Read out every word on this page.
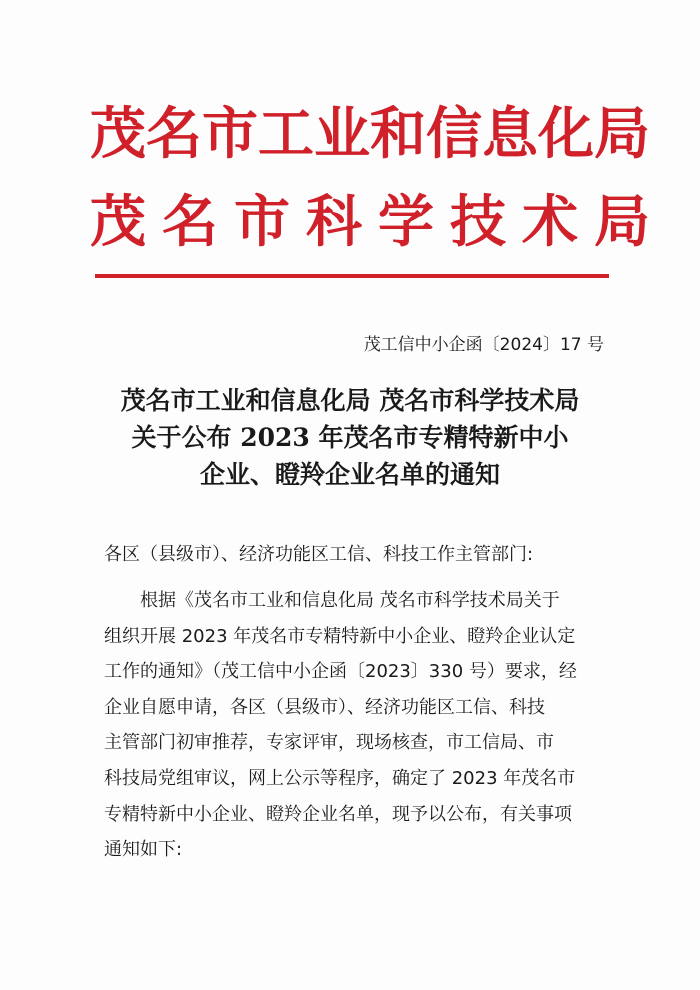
茂名市工业和信息化局
茂名市科学技术局
茂工信中小企函〔2024〕17 号
茂名市工业和信息化局 茂名市科学技术局
关于公布 2023 年茂名市专精特新中小
企业、瞪羚企业名单的通知
各区（县级市）、经济功能区工信、科技工作主管部门:
根据《茂名市工业和信息化局 茂名市科学技术局关于
组织开展 2023 年茂名市专精特新中小企业、瞪羚企业认定
工作的通知》（茂工信中小企函〔2023〕330 号）要求，经
企业自愿申请，各区（县级市）、经济功能区工信、科技
主管部门初审推荐，专家评审，现场核查，市工信局、市
科技局党组审议，网上公示等程序，确定了 2023 年茂名市
专精特新中小企业、瞪羚企业名单，现予以公布，有关事项
通知如下:
